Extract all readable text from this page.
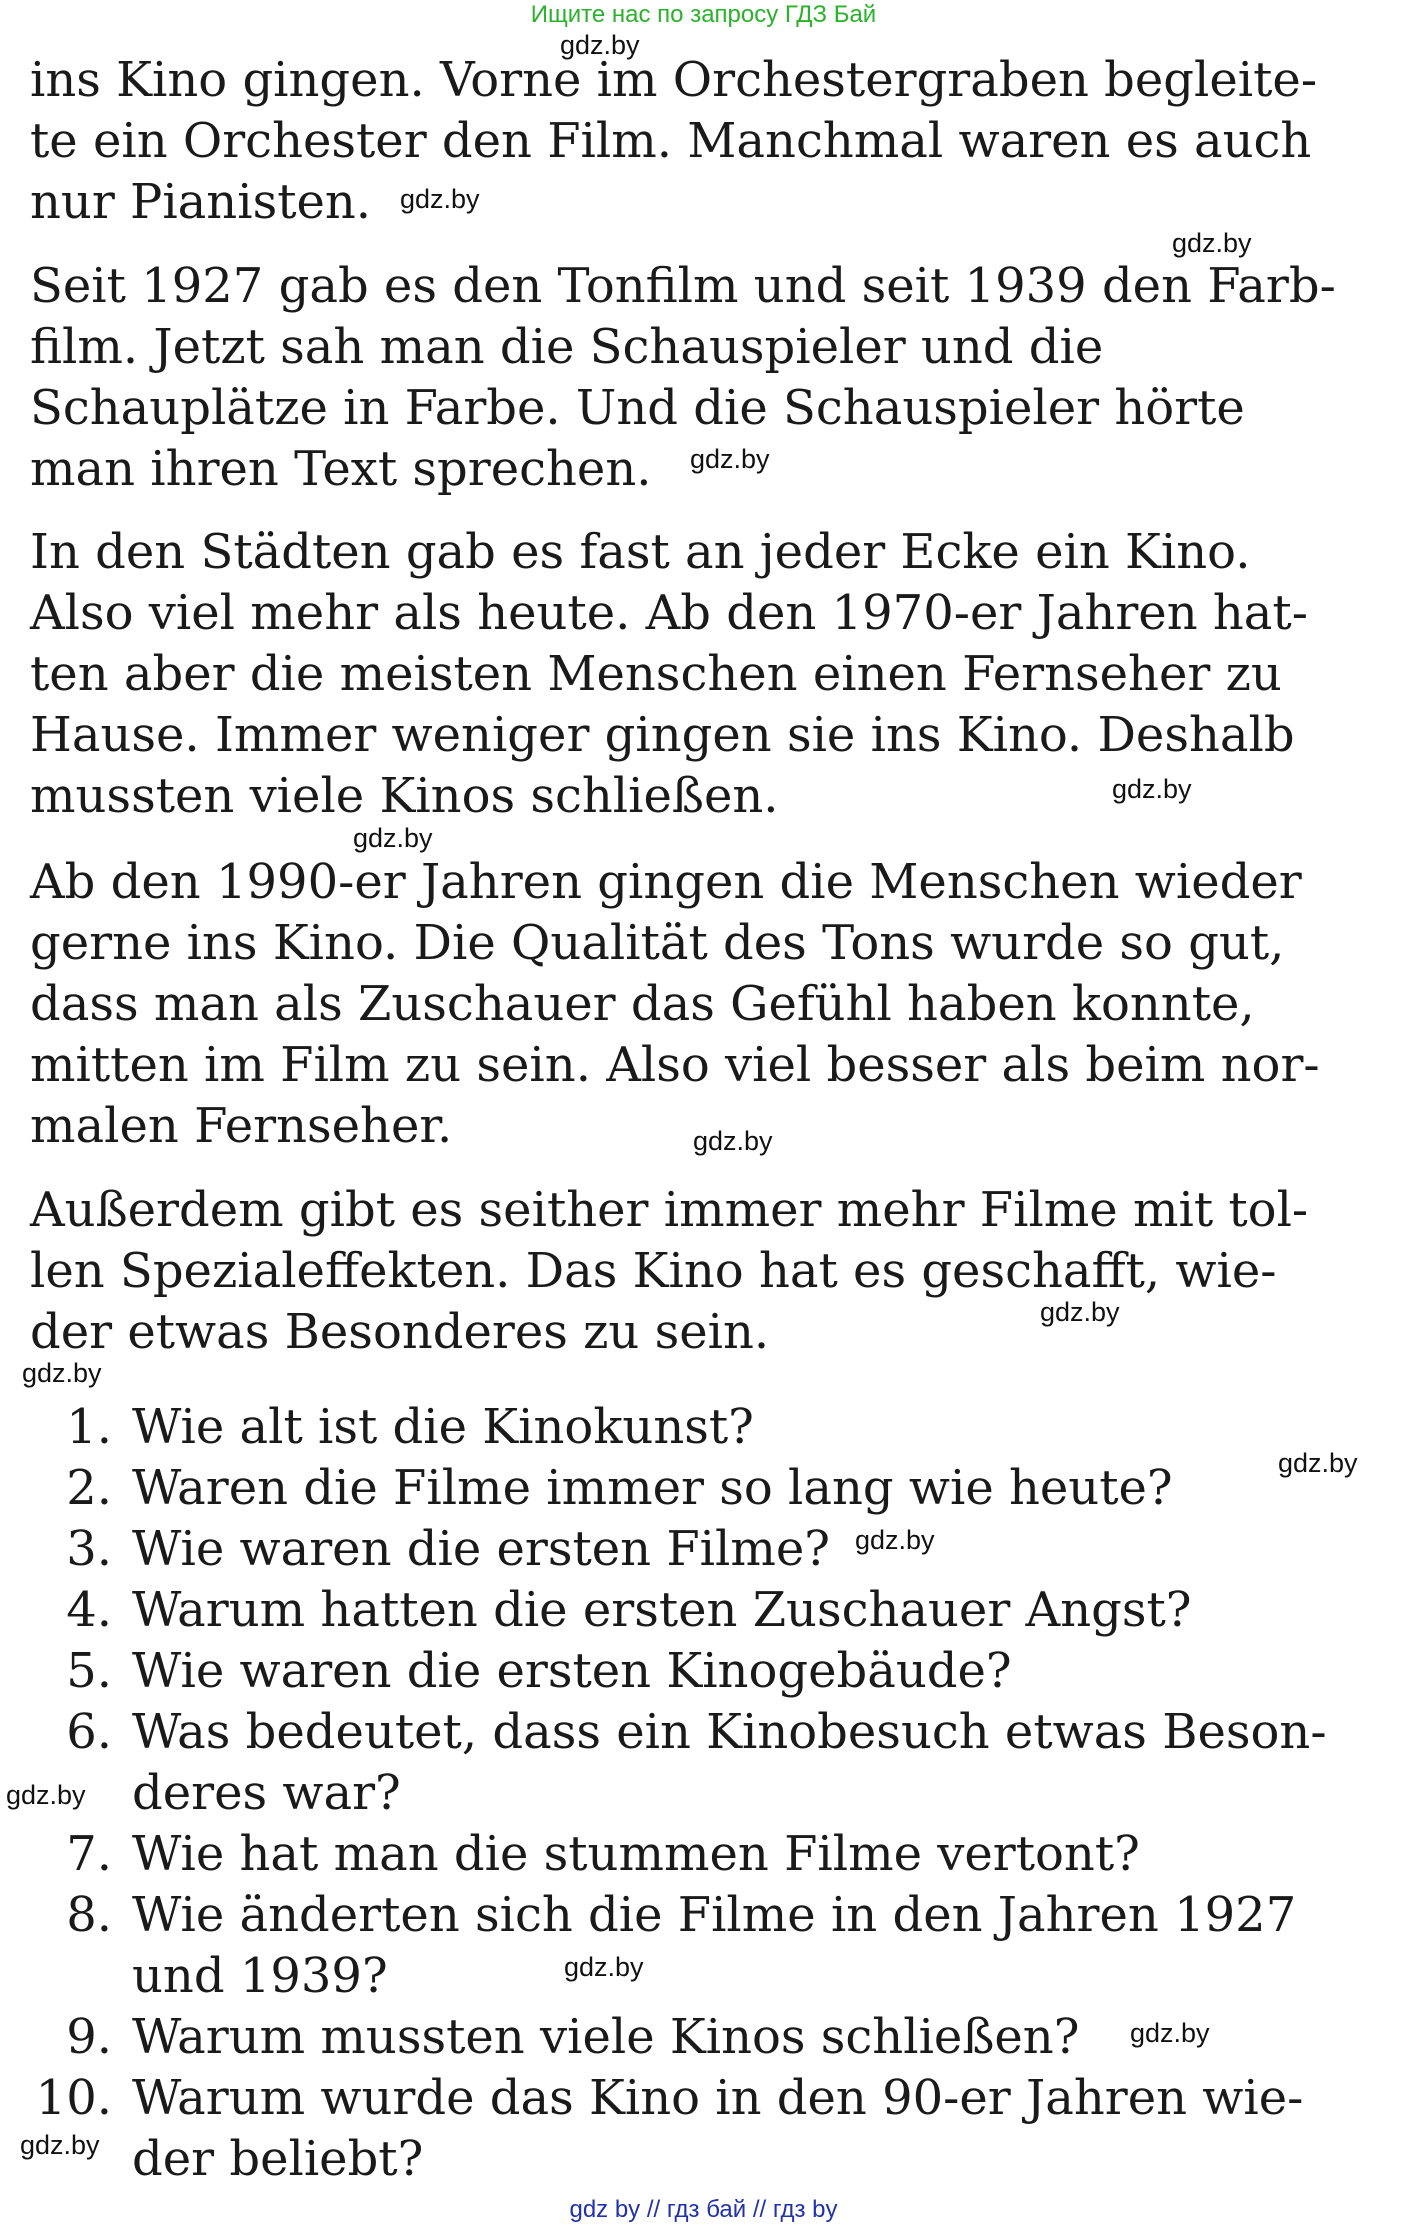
Ищите нас по запросу ГДЗ Бай
gdz.by
ins Kino gingen. Vorne im Orchestergraben begleite-
te ein Orchester den Film. Manchmal waren es auch
nur Pianisten.	gdz.by
gdz.by
Seit 1927 gab es den Tonfilm und seit 1939 den Farb-
film. Jetzt sah man die Schauspieler und die
Schauplätze in Farbe. Und die Schauspieler hörte
man ihren Text sprechen.	gdz.by
In den Städten gab es fast an jeder Ecke ein Kino.
Also viel mehr als heute. Ab den 1970-er Jahren hat-
ten aber die meisten Menschen einen Fernseher zu
Hause. Immer weniger gingen sie ins Kino. Deshalb
mussten viele Kinos schließen.	gdz.by
gdz.by
Ab den 1990-er Jahren gingen die Menschen wieder
gerne ins Kino. Die Qualität des Tons wurde so gut,
dass man als Zuschauer das Gefühl haben konnte,
mitten im Film zu sein. Also viel besser als beim nor-
malen Fernseher.	gdz.by
Außerdem gibt es seither immer mehr Filme mit tol-
len Spezialeffekten. Das Kino hat es geschafft, wie-
der etwas Besonderes zu sein.	gdz.by
gdz.by
1. Wie alt ist die Kinokunst?
2. Waren die Filme immer so lang wie heute?
3. Wie waren die ersten Filme?
4. Warum hatten die ersten Zuschauer Angst?
5. Wie waren die ersten Kinogebäude?
6. Was bedeutet, dass ein Kinobesuch etwas Beson-
deres war?
7. Wie hat man die stummen Filme vertont?
8. Wie änderten sich die Filme in den Jahren 1927
und 1939?
9. Warum mussten viele Kinos schließen?
10. Warum wurde das Kino in den 90-er Jahren wie-
der beliebt?
gdz.by
gdz.by
gdz.by
gdz.by
gdz.by
gdz.by
gdz by // гдз бай // гдз by
